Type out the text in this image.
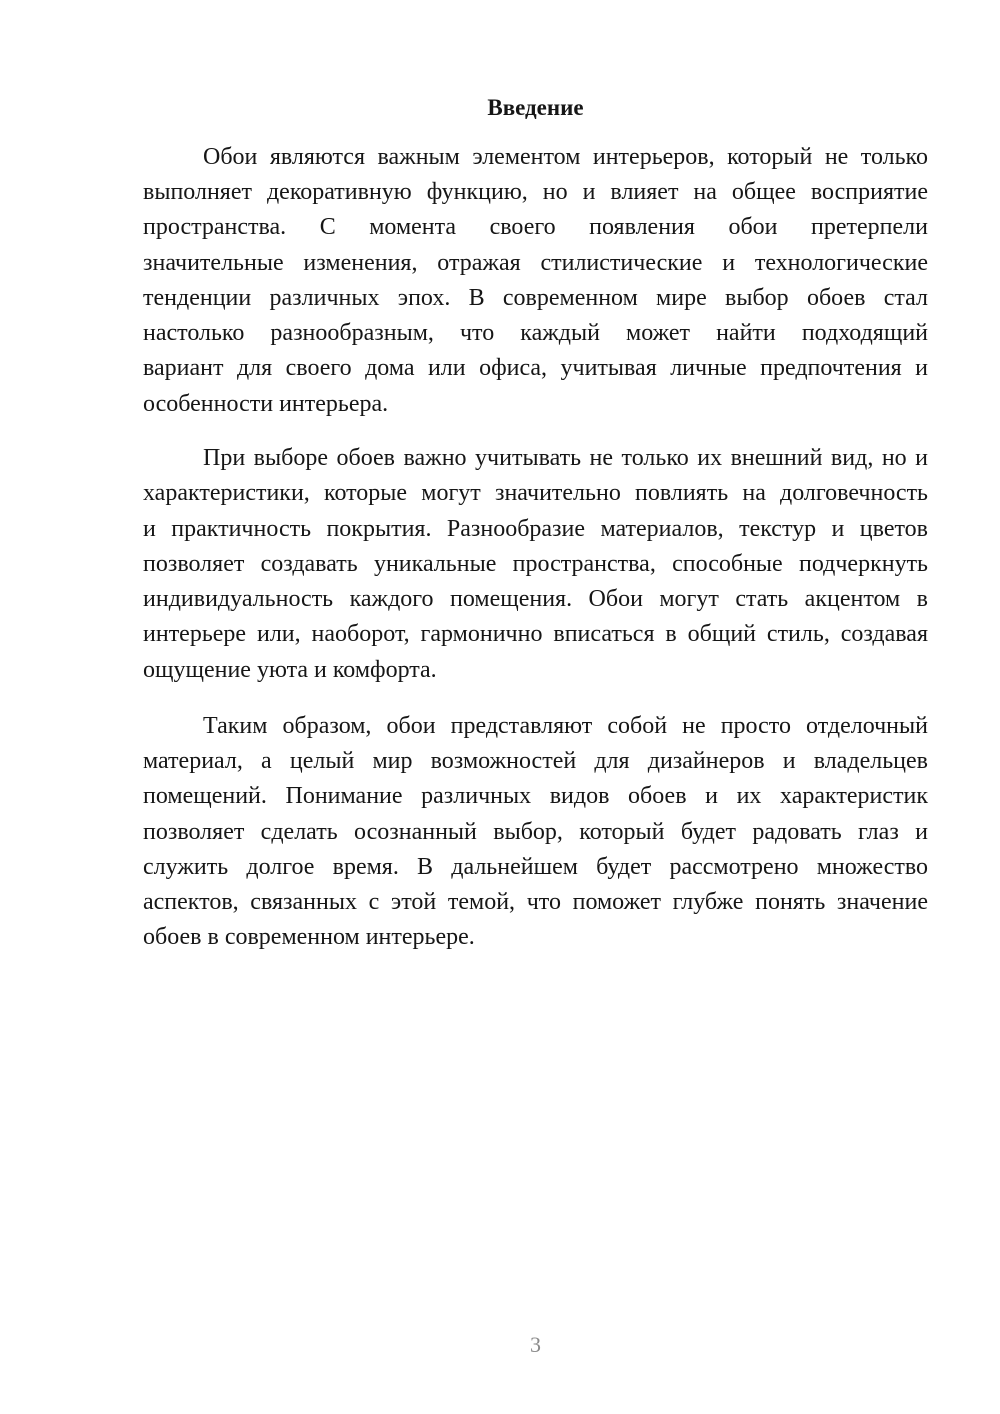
Введение

Обои являются важным элементом интерьеров, который не только
выполняет декоративную функцию, но и влияет на общее восприятие
пространства. С момента своего появления обои претерпели
значительные изменения, отражая стилистические и технологические
тенденции различных эпох. В современном мире выбор обоев стал
настолько разнообразным, что каждый может найти подходящий
вариант для своего дома или офиса, учитывая личные предпочтения и
особенности интерьера.

При выборе обоев важно учитывать не только их внешний вид, но и
характеристики, которые могут значительно повлиять на долговечность
и практичность покрытия. Разнообразие материалов, текстур и цветов
позволяет создавать уникальные пространства, способные подчеркнуть
индивидуальность каждого помещения. Обои могут стать акцентом в
интерьере или, наоборот, гармонично вписаться в общий стиль, создавая
ощущение уюта и комфорта.

Таким образом, обои представляют собой не просто отделочный
материал, а целый мир возможностей для дизайнеров и владельцев
помещений. Понимание различных видов обоев и их характеристик
позволяет сделать осознанный выбор, который будет радовать глаз и
служить долгое время. В дальнейшем будет рассмотрено множество
аспектов, связанных с этой темой, что поможет глубже понять значение
обоев в современном интерьере.

3
